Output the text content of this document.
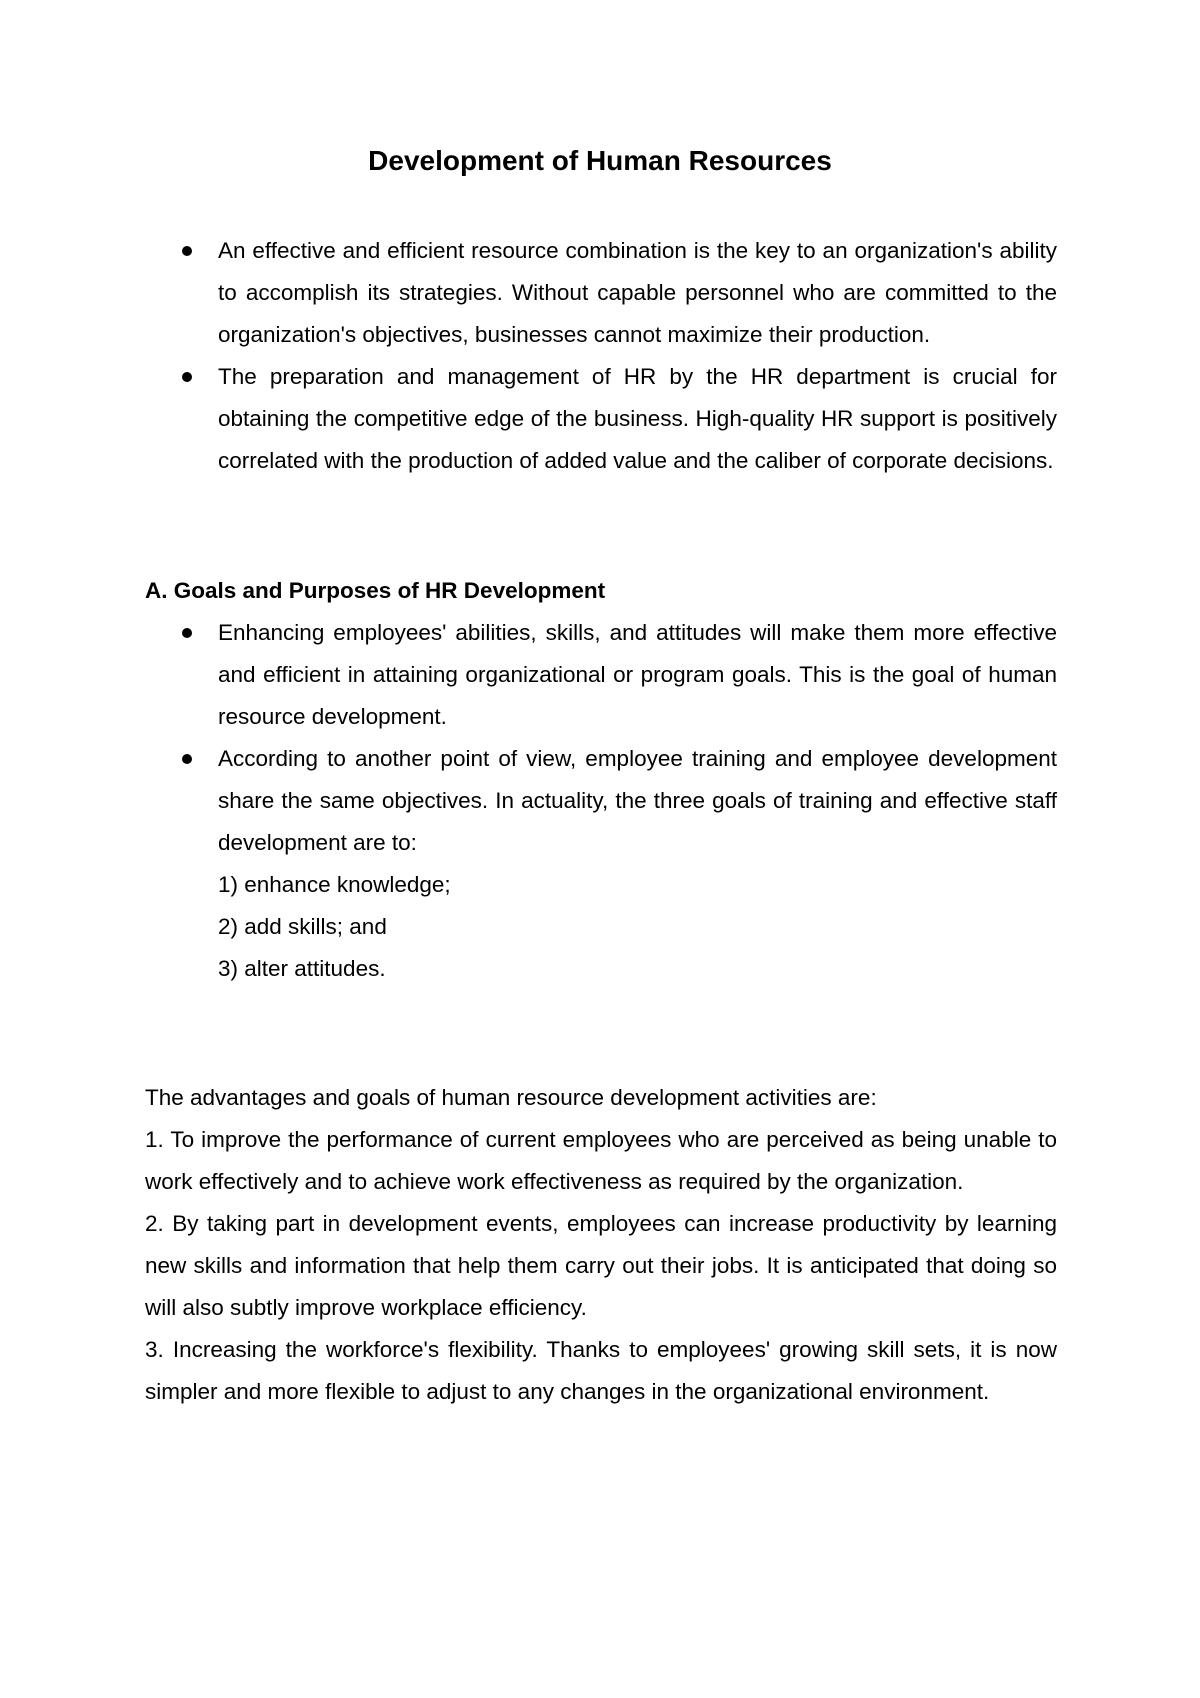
Development of Human Resources
An effective and efficient resource combination is the key to an organization's ability to accomplish its strategies. Without capable personnel who are committed to the organization's objectives, businesses cannot maximize their production.
The preparation and management of HR by the HR department is crucial for obtaining the competitive edge of the business. High-quality HR support is positively correlated with the production of added value and the caliber of corporate decisions.

A. Goals and Purposes of HR Development

Enhancing employees' abilities, skills, and attitudes will make them more effective and efficient in attaining organizational or program goals. This is the goal of human resource development.
According to another point of view, employee training and employee development share the same objectives. In actuality, the three goals of training and effective staff development are to:
1) enhance knowledge;
2) add skills; and
3) alter attitudes.

The advantages and goals of human resource development activities are:

1. To improve the performance of current employees who are perceived as being unable to work effectively and to achieve work effectiveness as required by the organization.

2. By taking part in development events, employees can increase productivity by learning new skills and information that help them carry out their jobs. It is anticipated that doing so will also subtly improve workplace efficiency.

3. Increasing the workforce's flexibility. Thanks to employees' growing skill sets, it is now simpler and more flexible to adjust to any changes in the organizational environment.
